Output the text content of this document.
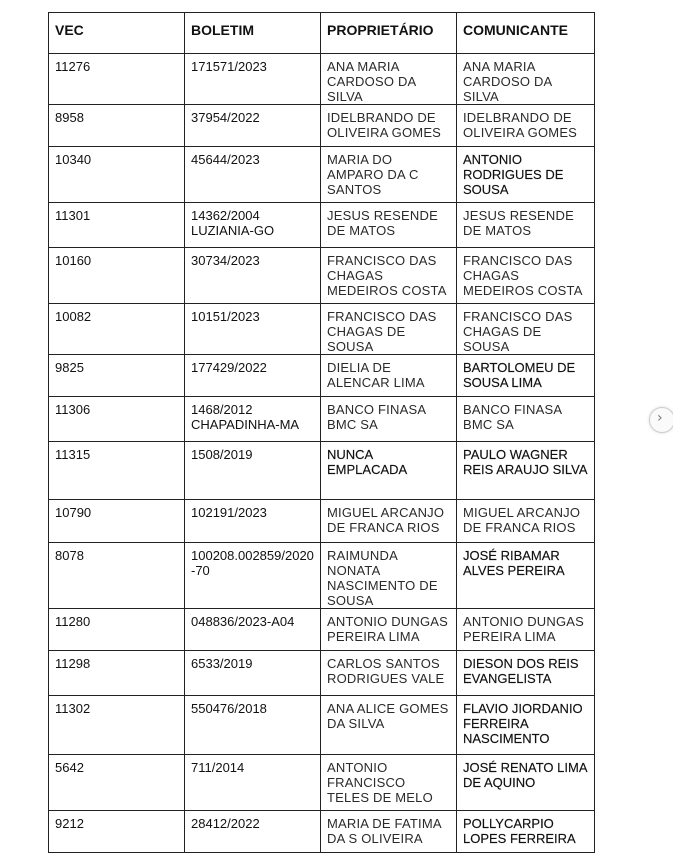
VEC	BOLETIM	PROPRIETÁRIO	COMUNICANTE
11276	171571/2023	ANA MARIA CARDOSO DA SILVA	ANA MARIA CARDOSO DA SILVA
8958	37954/2022	IDELBRANDO DE OLIVEIRA GOMES	IDELBRANDO DE OLIVEIRA GOMES
10340	45644/2023	MARIA DO AMPARO DA C SANTOS	ANTONIO RODRIGUES DE SOUSA
11301	14362/2004 LUZIANIA-GO	JESUS RESENDE DE MATOS	JESUS RESENDE DE MATOS
10160	30734/2023	FRANCISCO DAS CHAGAS MEDEIROS COSTA	FRANCISCO DAS CHAGAS MEDEIROS COSTA
10082	10151/2023	FRANCISCO DAS CHAGAS DE SOUSA	FRANCISCO DAS CHAGAS DE SOUSA
9825	177429/2022	DIELIA DE ALENCAR LIMA	BARTOLOMEU DE SOUSA LIMA
11306	1468/2012 CHAPADINHA-MA	BANCO FINASA BMC SA	BANCO FINASA BMC SA
11315	1508/2019	NUNCA EMPLACADA	PAULO WAGNER REIS ARAUJO SILVA
10790	102191/2023	MIGUEL ARCANJO DE FRANCA RIOS	MIGUEL ARCANJO DE FRANCA RIOS
8078	100208.002859/2020-70	RAIMUNDA NONATA NASCIMENTO DE SOUSA	JOSÉ RIBAMAR ALVES PEREIRA
11280	048836/2023-A04	ANTONIO DUNGAS PEREIRA LIMA	ANTONIO DUNGAS PEREIRA LIMA
11298	6533/2019	CARLOS SANTOS RODRIGUES VALE	DIESON DOS REIS EVANGELISTA
11302	550476/2018	ANA ALICE GOMES DA SILVA	FLAVIO JIORDANIO FERREIRA NASCIMENTO
5642	711/2014	ANTONIO FRANCISCO TELES DE MELO	JOSÉ RENATO LIMA DE AQUINO
9212	28412/2022	MARIA DE FATIMA DA S OLIVEIRA	POLLYCARPIO LOPES FERREIRA
›
